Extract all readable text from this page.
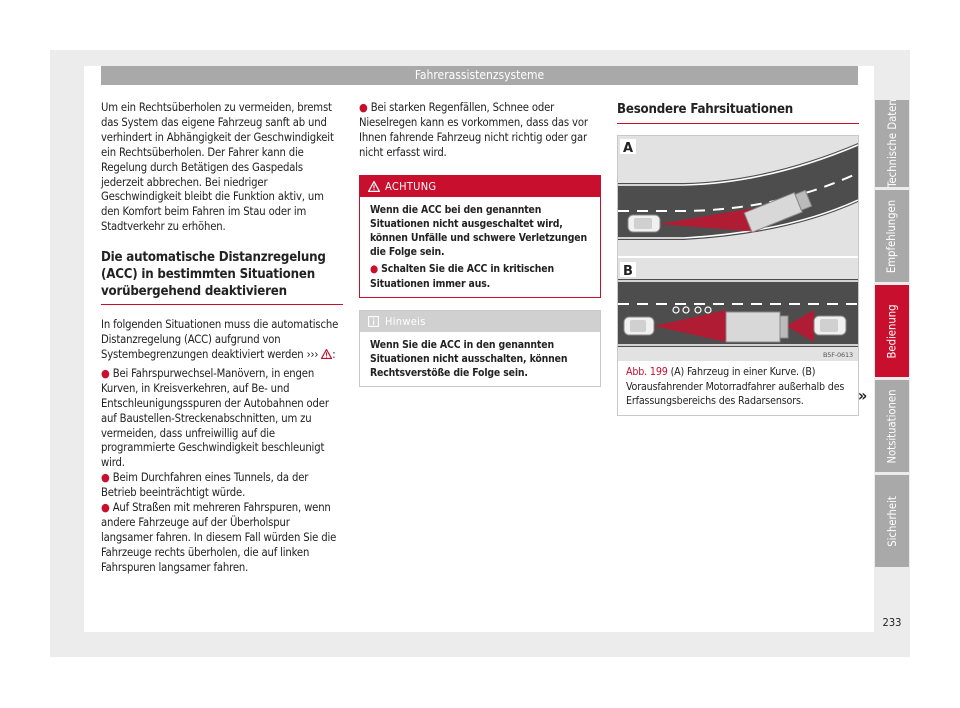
Fahrerassistenzsysteme

Um ein Rechtsüberholen zu vermeiden, bremst das System das eigene Fahrzeug sanft ab und verhindert in Abhängigkeit der Geschwindigkeit ein Rechtsüberholen. Der Fahrer kann die Regelung durch Betätigen des Gaspedals jederzeit abbrechen. Bei niedriger Geschwindigkeit bleibt die Funktion aktiv, um den Komfort beim Fahren im Stau oder im Stadtverkehr zu erhöhen.

Die automatische Distanzregelung (ACC) in bestimmten Situationen vorübergehend deaktivieren

In folgenden Situationen muss die automatische Distanzregelung (ACC) aufgrund von Systembegrenzungen deaktiviert werden ››› :

● Bei Fahrspurwechsel-Manövern, in engen Kurven, in Kreisverkehren, auf Be- und Entschleunigungsspuren der Autobahnen oder auf Baustellen-Streckenabschnitten, um zu vermeiden, dass unfreiwillig auf die programmierte Geschwindigkeit beschleunigt wird.

● Beim Durchfahren eines Tunnels, da der Betrieb beeinträchtigt würde.

● Auf Straßen mit mehreren Fahrspuren, wenn andere Fahrzeuge auf der Überholspur langsamer fahren. In diesem Fall würden Sie die Fahrzeuge rechts überholen, die auf linken Fahrspuren langsamer fahren.

● Bei starken Regenfällen, Schnee oder Nieselregen kann es vorkommen, dass das vor Ihnen fahrende Fahrzeug nicht richtig oder gar nicht erfasst wird.

ACHTUNG
Wenn die ACC bei den genannten Situationen nicht ausgeschaltet wird, können Unfälle und schwere Verletzungen die Folge sein.
● Schalten Sie die ACC in kritischen Situationen immer aus.
Hinweis
Wenn Sie die ACC in den genannten Situationen nicht ausschalten, können Rechtsverstöße die Folge sein.
Besondere Fahrsituationen
A
B
B5F-0613
Abb. 199 (A) Fahrzeug in einer Kurve. (B) Vorausfahrender Motorradfahrer außerhalb des Erfassungsbereichs des Radarsensors.	»
Technische Daten
Empfehlungen
Bedienung
Notsituationen
Sicherheit
233
